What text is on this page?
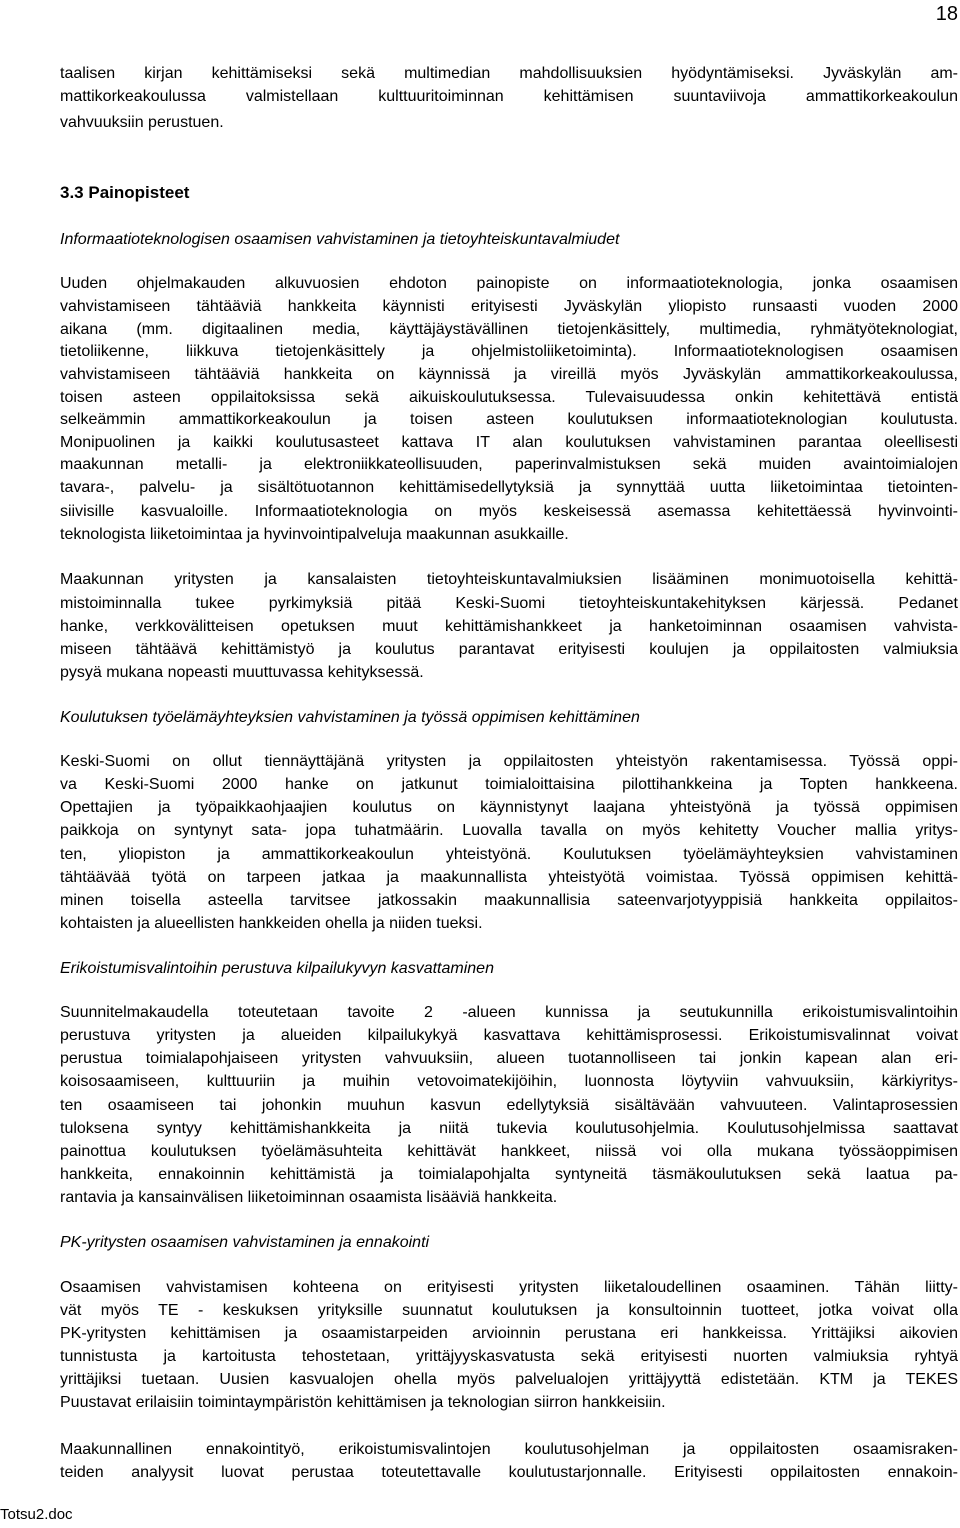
18
taalisen kirjan kehittämiseksi sekä multimedian mahdollisuuksien hyödyntämiseksi. Jyväskylän am-
mattikorkeakoulussa valmistellaan kulttuuritoiminnan kehittämisen suuntaviivoja ammattikorkeakoulun
vahvuuksiin perustuen.
3.3 Painopisteet
Informaatioteknologisen osaamisen vahvistaminen ja tietoyhteiskuntavalmiudet
Uuden ohjelmakauden alkuvuosien ehdoton painopiste on informaatioteknologia, jonka osaamisen
vahvistamiseen tähtääviä hankkeita käynnisti erityisesti Jyväskylän yliopisto runsaasti vuoden 2000
aikana (mm. digitaalinen media, käyttäjäystävällinen tietojenkäsittely, multimedia, ryhmätyöteknologiat,
tietoliikenne, liikkuva tietojenkäsittely ja ohjelmistoliiketoiminta). Informaatioteknologisen osaamisen
vahvistamiseen tähtääviä hankkeita on käynnissä ja vireillä myös Jyväskylän ammattikorkeakoulussa,
toisen asteen oppilaitoksissa sekä aikuiskoulutuksessa. Tulevaisuudessa onkin kehitettävä entistä
selkeämmin ammattikorkeakoulun ja toisen asteen koulutuksen informaatioteknologian koulutusta.
Monipuolinen ja kaikki koulutusasteet kattava IT alan koulutuksen vahvistaminen parantaa oleellisesti
maakunnan metalli- ja elektroniikkateollisuuden, paperinvalmistuksen sekä muiden avaintoimialojen
tavara-, palvelu- ja sisältötuotannon kehittämisedellytyksiä ja synnyttää uutta liiketoimintaa tietointen-
siivisille kasvualoille. Informaatioteknologia on myös keskeisessä asemassa kehitettäessä hyvinvointi-
teknologista liiketoimintaa ja hyvinvointipalveluja maakunnan asukkaille.
Maakunnan yritysten ja kansalaisten tietoyhteiskuntavalmiuksien lisääminen monimuotoisella kehittä-
mistoiminnalla tukee pyrkimyksiä pitää Keski-Suomi tietoyhteiskuntakehityksen kärjessä. Pedanet
hanke, verkkovälitteisen opetuksen muut kehittämishankkeet ja hanketoiminnan osaamisen vahvista-
miseen tähtäävä kehittämistyö ja koulutus parantavat erityisesti koulujen ja oppilaitosten valmiuksia
pysyä mukana nopeasti muuttuvassa kehityksessä.
Koulutuksen työelämäyhteyksien vahvistaminen ja työssä oppimisen kehittäminen
Keski-Suomi on ollut tiennäyttäjänä yritysten ja oppilaitosten yhteistyön rakentamisessa. Työssä oppi-
va Keski-Suomi 2000 hanke on jatkunut toimialoittaisina pilottihankkeina ja Topten hankkeena.
Opettajien ja työpaikkaohjaajien koulutus on käynnistynyt laajana yhteistyönä ja työssä oppimisen
paikkoja on syntynyt sata- jopa tuhatmäärin. Luovalla tavalla on myös kehitetty Voucher mallia yritys-
ten, yliopiston ja ammattikorkeakoulun yhteistyönä. Koulutuksen työelämäyhteyksien vahvistaminen
tähtäävää työtä on tarpeen jatkaa ja maakunnallista yhteistyötä voimistaa. Työssä oppimisen kehittä-
minen toisella asteella tarvitsee jatkossakin maakunnallisia sateenvarjotyyppisiä hankkeita oppilaitos-
kohtaisten ja alueellisten hankkeiden ohella ja niiden tueksi.
Erikoistumisvalintoihin perustuva kilpailukyvyn kasvattaminen
Suunnitelmakaudella toteutetaan tavoite 2 -alueen kunnissa ja seutukunnilla erikoistumisvalintoihin
perustuva yritysten ja alueiden kilpailukykyä kasvattava kehittämisprosessi. Erikoistumisvalinnat voivat
perustua toimialapohjaiseen yritysten vahvuuksiin, alueen tuotannolliseen tai jonkin kapean alan eri-
koisosaamiseen, kulttuuriin ja muihin vetovoimatekijöihin, luonnosta löytyviin vahvuuksiin, kärkiyritys-
ten osaamiseen tai johonkin muuhun kasvun edellytyksiä sisältävään vahvuuteen. Valintaprosessien
tuloksena syntyy kehittämishankkeita ja niitä tukevia koulutusohjelmia. Koulutusohjelmissa saattavat
painottua koulutuksen työelämäsuhteita kehittävät hankkeet, niissä voi olla mukana työssäoppimisen
hankkeita, ennakoinnin kehittämistä ja toimialapohjalta syntyneitä täsmäkoulutuksen sekä laatua pa-
rantavia ja kansainvälisen liiketoiminnan osaamista lisääviä hankkeita.
PK-yritysten osaamisen vahvistaminen ja ennakointi
Osaamisen vahvistamisen kohteena on erityisesti yritysten liiketaloudellinen osaaminen. Tähän liitty-
vät myös TE - keskuksen yrityksille suunnatut koulutuksen ja konsultoinnin tuotteet, jotka voivat olla
PK-yritysten kehittämisen ja osaamistarpeiden arvioinnin perustana eri hankkeissa. Yrittäjiksi aikovien
tunnistusta ja kartoitusta tehostetaan, yrittäjyyskasvatusta sekä erityisesti nuorten valmiuksia ryhtyä
yrittäjiksi tuetaan. Uusien kasvualojen ohella myös palvelualojen yrittäjyyttä edistetään. KTM ja TEKES
Puustavat erilaisiin toimintaympäristön kehittämisen ja teknologian siirron hankkeisiin.
Maakunnallinen ennakointityö, erikoistumisvalintojen koulutusohjelman ja oppilaitosten osaamisraken-
teiden analyysit luovat perustaa toteutettavalle koulutustarjonnalle. Erityisesti oppilaitosten ennakoin-
Totsu2.doc
